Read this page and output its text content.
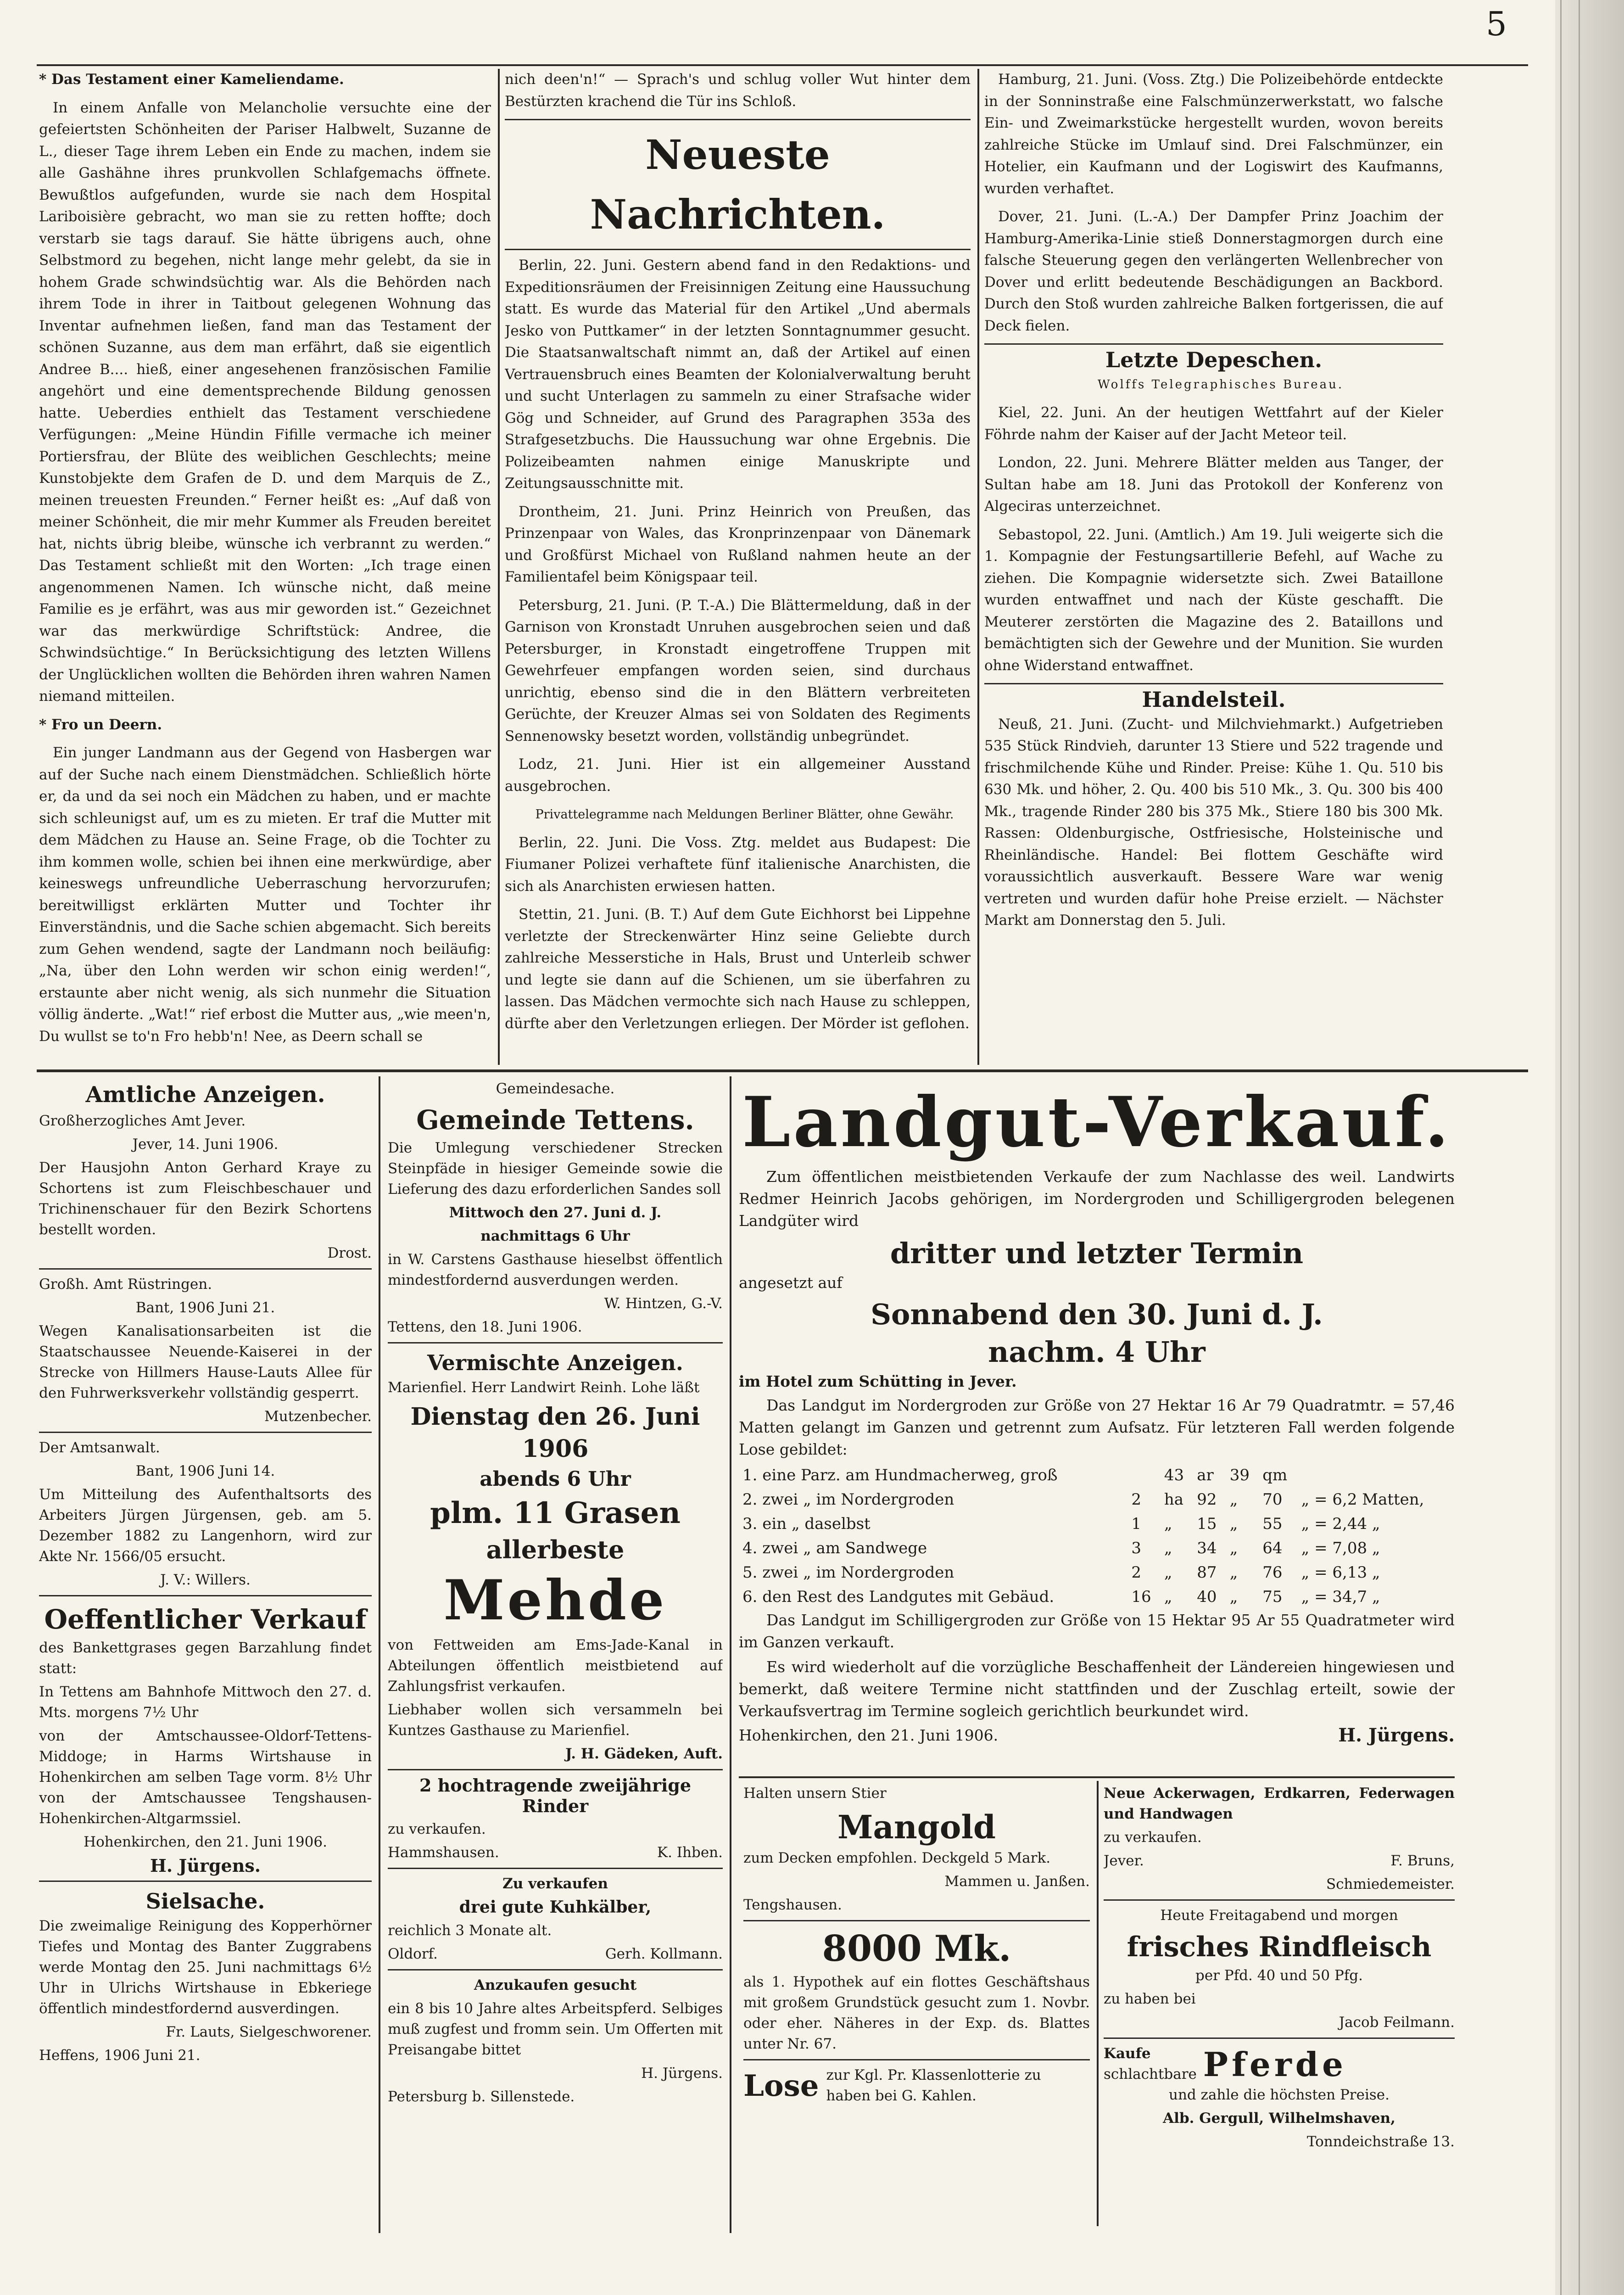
5

* Das Testament einer Kameliendame.

In einem Anfalle von Melancholie versuchte eine der gefeiertsten Schönheiten der Pariser Halbwelt, Suzanne de L., dieser Tage ihrem Leben ein Ende zu machen, indem sie alle Gashähne ihres prunkvollen Schlafgemachs öffnete. Bewußtlos aufgefunden, wurde sie nach dem Hospital Lariboisière gebracht, wo man sie zu retten hoffte; doch verstarb sie tags darauf. Sie hätte übrigens auch, ohne Selbstmord zu begehen, nicht lange mehr gelebt, da sie in hohem Grade schwindsüchtig war. Als die Behörden nach ihrem Tode in ihrer in Taitbout gelegenen Wohnung das Inventar aufnehmen ließen, fand man das Testament der schönen Suzanne, aus dem man erfährt, daß sie eigentlich Andree B.... hieß, einer angesehenen französischen Familie angehört und eine dementsprechende Bildung genossen hatte. Ueberdies enthielt das Testament verschiedene Verfügungen: „Meine Hündin Fifille vermache ich meiner Portiersfrau, der Blüte des weiblichen Geschlechts; meine Kunstobjekte dem Grafen de D. und dem Marquis de Z., meinen treuesten Freunden.“ Ferner heißt es: „Auf daß von meiner Schönheit, die mir mehr Kummer als Freuden bereitet hat, nichts übrig bleibe, wünsche ich verbrannt zu werden.“ Das Testament schließt mit den Worten: „Ich trage einen angenommenen Namen. Ich wünsche nicht, daß meine Familie es je erfährt, was aus mir geworden ist.“ Gezeichnet war das merkwürdige Schriftstück: Andree, die Schwindsüchtige.“ In Berücksichtigung des letzten Willens der Unglücklichen wollten die Behörden ihren wahren Namen niemand mitteilen.

* Fro un Deern.

Ein junger Landmann aus der Gegend von Hasbergen war auf der Suche nach einem Dienstmädchen. Schließlich hörte er, da und da sei noch ein Mädchen zu haben, und er machte sich schleunigst auf, um es zu mieten. Er traf die Mutter mit dem Mädchen zu Hause an. Seine Frage, ob die Tochter zu ihm kommen wolle, schien bei ihnen eine merkwürdige, aber keineswegs unfreundliche Ueberraschung hervorzurufen; bereitwilligst erklärten Mutter und Tochter ihr Einverständnis, und die Sache schien abgemacht. Sich bereits zum Gehen wendend, sagte der Landmann noch beiläufig: „Na, über den Lohn werden wir schon einig werden!“, erstaunte aber nicht wenig, als sich nunmehr die Situation völlig änderte. „Wat!“ rief erbost die Mutter aus, „wie meen'n, Du wullst se to'n Fro hebb'n! Nee, as Deern schall se

nich deen'n!“ — Sprach's und schlug voller Wut hinter dem Bestürzten krachend die Tür ins Schloß.

Neueste Nachrichten.

Berlin, 22. Juni. Gestern abend fand in den Redaktions- und Expeditionsräumen der Freisinnigen Zeitung eine Haussuchung statt. Es wurde das Material für den Artikel „Und abermals Jesko von Puttkamer“ in der letzten Sonntagnummer gesucht. Die Staatsanwaltschaft nimmt an, daß der Artikel auf einen Vertrauensbruch eines Beamten der Kolonialverwaltung beruht und sucht Unterlagen zu sammeln zu einer Strafsache wider Gög und Schneider, auf Grund des Paragraphen 353a des Strafgesetzbuchs. Die Haussuchung war ohne Ergebnis. Die Polizeibeamten nahmen einige Manuskripte und Zeitungsausschnitte mit.

Drontheim, 21. Juni. Prinz Heinrich von Preußen, das Prinzenpaar von Wales, das Kronprinzenpaar von Dänemark und Großfürst Michael von Rußland nahmen heute an der Familientafel beim Königspaar teil.

Petersburg, 21. Juni. (P. T.-A.) Die Blättermeldung, daß in der Garnison von Kronstadt Unruhen ausgebrochen seien und daß Petersburger, in Kronstadt eingetroffene Truppen mit Gewehrfeuer empfangen worden seien, sind durchaus unrichtig, ebenso sind die in den Blättern verbreiteten Gerüchte, der Kreuzer Almas sei von Soldaten des Regiments Sennenowsky besetzt worden, vollständig unbegründet.

Lodz, 21. Juni. Hier ist ein allgemeiner Ausstand ausgebrochen.

Privattelegramme nach Meldungen Berliner Blätter, ohne Gewähr.

Berlin, 22. Juni. Die Voss. Ztg. meldet aus Budapest: Die Fiumaner Polizei verhaftete fünf italienische Anarchisten, die sich als Anarchisten erwiesen hatten.

Stettin, 21. Juni. (B. T.) Auf dem Gute Eichhorst bei Lippehne verletzte der Streckenwärter Hinz seine Geliebte durch zahlreiche Messerstiche in Hals, Brust und Unterleib schwer und legte sie dann auf die Schienen, um sie überfahren zu lassen. Das Mädchen vermochte sich nach Hause zu schleppen, dürfte aber den Verletzungen erliegen. Der Mörder ist geflohen.

Hamburg, 21. Juni. (Voss. Ztg.) Die Polizeibehörde entdeckte in der Sonninstraße eine Falschmünzerwerkstatt, wo falsche Ein- und Zweimarkstücke hergestellt wurden, wovon bereits zahlreiche Stücke im Umlauf sind. Drei Falschmünzer, ein Hotelier, ein Kaufmann und der Logiswirt des Kaufmanns, wurden verhaftet.

Dover, 21. Juni. (L.-A.) Der Dampfer Prinz Joachim der Hamburg-Amerika-Linie stieß Donnerstagmorgen durch eine falsche Steuerung gegen den verlängerten Wellenbrecher von Dover und erlitt bedeutende Beschädigungen an Backbord. Durch den Stoß wurden zahlreiche Balken fortgerissen, die auf Deck fielen.

Letzte Depeschen.

Wolffs Telegraphisches Bureau.

Kiel, 22. Juni. An der heutigen Wettfahrt auf der Kieler Föhrde nahm der Kaiser auf der Jacht Meteor teil.

London, 22. Juni. Mehrere Blätter melden aus Tanger, der Sultan habe am 18. Juni das Protokoll der Konferenz von Algeciras unterzeichnet.

Sebastopol, 22. Juni. (Amtlich.) Am 19. Juli weigerte sich die 1. Kompagnie der Festungsartillerie Befehl, auf Wache zu ziehen. Die Kompagnie widersetzte sich. Zwei Bataillone wurden entwaffnet und nach der Küste geschafft. Die Meuterer zerstörten die Magazine des 2. Bataillons und bemächtigten sich der Gewehre und der Munition. Sie wurden ohne Widerstand entwaffnet.

Handelsteil.

Neuß, 21. Juni. (Zucht- und Milchviehmarkt.) Aufgetrieben 535 Stück Rindvieh, darunter 13 Stiere und 522 tragende und frischmilchende Kühe und Rinder. Preise: Kühe 1. Qu. 510 bis 630 Mk. und höher, 2. Qu. 400 bis 510 Mk., 3. Qu. 300 bis 400 Mk., tragende Rinder 280 bis 375 Mk., Stiere 180 bis 300 Mk. Rassen: Oldenburgische, Ostfriesische, Holsteinische und Rheinländische. Handel: Bei flottem Geschäfte wird voraussichtlich ausverkauft. Bessere Ware war wenig vertreten und wurden dafür hohe Preise erzielt. — Nächster Markt am Donnerstag den 5. Juli.

Amtliche Anzeigen.

Großherzogliches Amt Jever.

Jever, 14. Juni 1906.

Der Hausjohn Anton Gerhard Kraye zu Schortens ist zum Fleischbeschauer und Trichinenschauer für den Bezirk Schortens bestellt worden.

Drost.

Großh. Amt Rüstringen.

Bant, 1906 Juni 21.

Wegen Kanalisationsarbeiten ist die Staatschaussee Neuende-Kaiserei in der Strecke von Hillmers Hause-Lauts Allee für den Fuhrwerksverkehr vollständig gesperrt.

Mutzenbecher.

Der Amtsanwalt.

Bant, 1906 Juni 14.

Um Mitteilung des Aufenthaltsorts des Arbeiters Jürgen Jürgensen, geb. am 5. Dezember 1882 zu Langenhorn, wird zur Akte Nr. 1566/05 ersucht.

J. V.: Willers.

Oeffentlicher Verkauf

des Bankettgrases gegen Barzahlung findet statt:

In Tettens am Bahnhofe Mittwoch den 27. d. Mts. morgens 7½ Uhr

von der Amtschaussee-Oldorf-Tettens-Middoge; in Harms Wirtshause in Hohenkirchen am selben Tage vorm. 8½ Uhr von der Amtschaussee Tengshausen-Hohenkirchen-Altgarmssiel.

Hohenkirchen, den 21. Juni 1906.

H. Jürgens.

Sielsache.

Die zweimalige Reinigung des Kopperhörner Tiefes und Montag des Banter Zuggrabens werde Montag den 25. Juni nachmittags 6½ Uhr in Ulrichs Wirtshause in Ebkeriege öffentlich mindestfordernd ausverdingen.

Fr. Lauts, Sielgeschworener.

Heffens, 1906 Juni 21.

Gemeindesache.

Gemeinde Tettens.

Die Umlegung verschiedener Strecken Steinpfäde in hiesiger Gemeinde sowie die Lieferung des dazu erforderlichen Sandes soll

Mittwoch den 27. Juni d. J.

nachmittags 6 Uhr

in W. Carstens Gasthause hieselbst öffentlich mindestfordernd ausverdungen werden.

W. Hintzen, G.-V.

Tettens, den 18. Juni 1906.

Vermischte Anzeigen.

Marienfiel. Herr Landwirt Reinh. Lohe läßt

Dienstag den 26. Juni 1906
abends 6 Uhr
plm. 11 Grasen
allerbeste
Mehde

von Fettweiden am Ems-Jade-Kanal in Abteilungen öffentlich meistbietend auf Zahlungsfrist verkaufen.

Liebhaber wollen sich versammeln bei Kuntzes Gasthause zu Marienfiel.

J. H. Gädeken, Auft.

2 hochtragende zweijährige Rinder

zu verkaufen.

Hammshausen.	K. Ihben.

Zu verkaufen

drei gute Kuhkälber,

reichlich 3 Monate alt.

Oldorf.	Gerh. Kollmann.

Anzukaufen gesucht

ein 8 bis 10 Jahre altes Arbeitspferd. Selbiges muß zugfest und fromm sein. Um Offerten mit Preisangabe bittet

H. Jürgens.

Petersburg b. Sillenstede.

Landgut-Verkauf.

Zum öffentlichen meistbietenden Verkaufe der zum Nachlasse des weil. Landwirts Redmer Heinrich Jacobs gehörigen, im Nordergroden und Schilligergroden belegenen Landgüter wird

dritter und letzter Termin

angesetzt auf

Sonnabend den 30. Juni d. J.
nachm. 4 Uhr

im Hotel zum Schütting in Jever.

Das Landgut im Nordergroden zur Größe von 27 Hektar 16 Ar 79 Quadratmtr. = 57,46 Matten gelangt im Ganzen und getrennt zum Aufsatz. Für letzteren Fall werden folgende Lose gebildet:

1. eine Parz. am Hundmacherweg, groß		43	ar	39	qm	
2. zwei „ im Nordergroden	2	ha	92	„	70	„ = 6,2 Matten,
3. ein „ daselbst	1	„	15	„	55	„ = 2,44 „
4. zwei „ am Sandwege	3	„	34	„	64	„ = 7,08 „
5. zwei „ im Nordergroden	2	„	87	„	76	„ = 6,13 „
6. den Rest des Landgutes mit Gebäud.	16	„	40	„	75	„ = 34,7 „

Das Landgut im Schilligergroden zur Größe von 15 Hektar 95 Ar 55 Quadratmeter wird im Ganzen verkauft.

Es wird wiederholt auf die vorzügliche Beschaffenheit der Ländereien hingewiesen und bemerkt, daß weitere Termine nicht stattfinden und der Zuschlag erteilt, sowie der Verkaufsvertrag im Termine sogleich gerichtlich beurkundet wird.

Hohenkirchen, den 21. Juni 1906.	H. Jürgens.

Halten unsern Stier

Mangold

zum Decken empfohlen. Deckgeld 5 Mark.

Mammen u. Janßen.

Tengshausen.

8000 Mk.

als 1. Hypothek auf ein flottes Geschäftshaus mit großem Grundstück gesucht zum 1. Novbr. oder eher. Näheres in der Exp. ds. Blattes unter Nr. 67.

Lose zur Kgl. Pr. Klassenlotterie zu haben bei G. Kahlen.

Neue Ackerwagen, Erdkarren, Federwagen und Handwagen

zu verkaufen.

Jever.	F. Bruns,

Schmiedemeister.

Heute Freitagabend und morgen

frisches Rindfleisch

per Pfd. 40 und 50 Pfg.

zu haben bei

Jacob Feilmann.

Kaufe
schlachtbare Pferde

und zahle die höchsten Preise.

Alb. Gergull, Wilhelmshaven,

Tonndeichstraße 13.
